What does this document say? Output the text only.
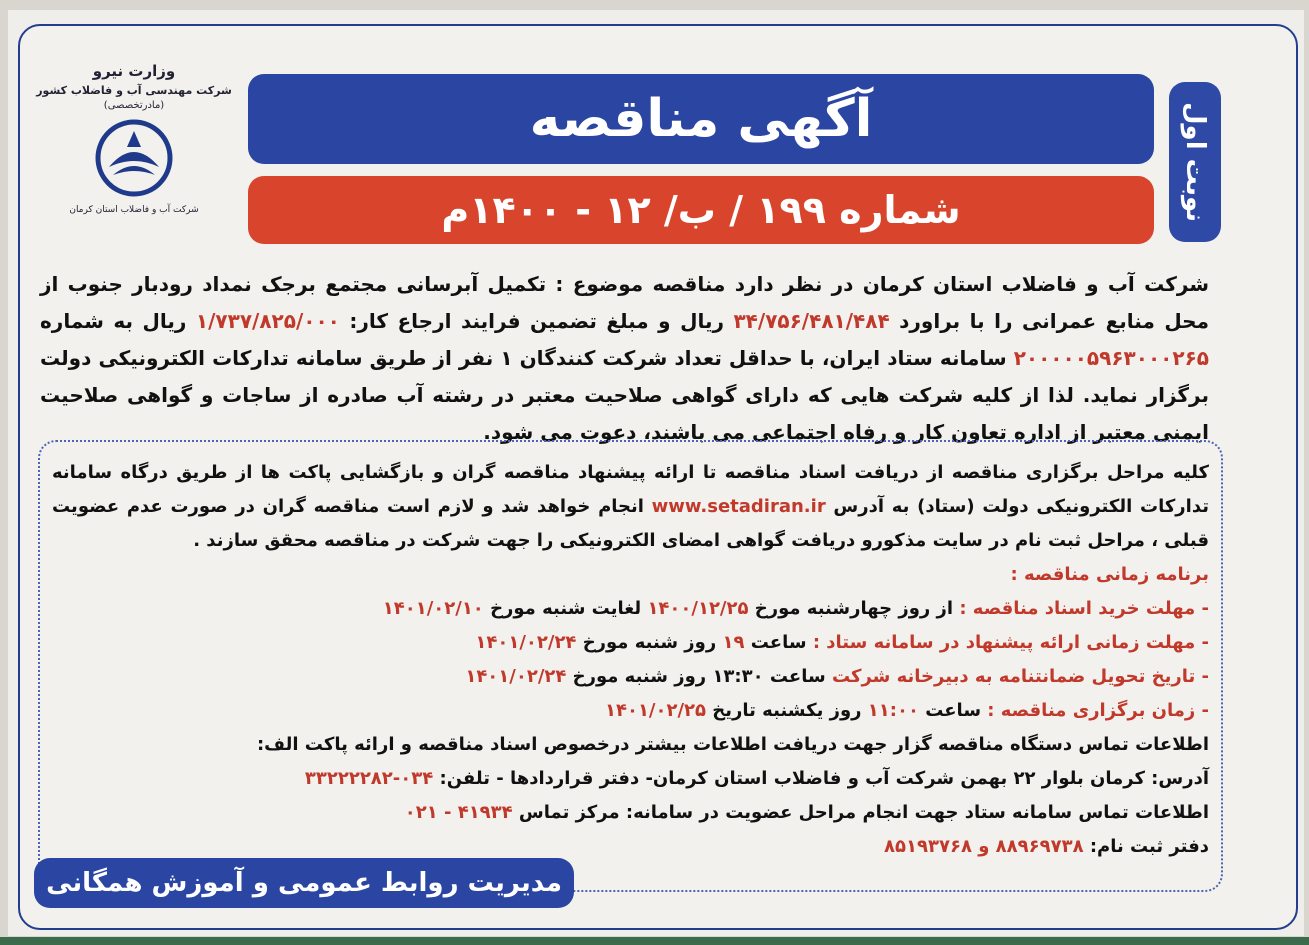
نوبت اول
آگهی مناقصه
شماره ۱۹۹ / ب/ ۱۲ - ۱۴۰۰م
وزارت نیرو
شرکت مهندسی آب و فاضلاب کشور
(مادرتخصصی)
شرکت آب و فاضلاب استان کرمان
شرکت آب و فاضلاب استان کرمان در نظر دارد مناقصه موضوع : تکمیل آبرسانی مجتمع برجک نمداد رودبار جنوب از محل منابع عمرانی را با براورد ۳۴/۷۵۶/۴۸۱/۴۸۴ ریال و مبلغ تضمین فرایند ارجاع کار: ۱/۷۳۷/۸۲۵/۰۰۰ ریال به شماره ۲۰۰۰۰۰۵۹۶۳۰۰۰۲۶۵ سامانه ستاد ایران، با حداقل تعداد شرکت کنندگان ۱ نفر از طریق سامانه تدارکات الکترونیکی دولت برگزار نماید. لذا از کلیه شرکت هایی که دارای گواهی صلاحیت معتبر در رشته آب صادره از ساجات و گواهی صلاحیت ایمنی معتبر از اداره تعاون کار و رفاه اجتماعی می باشند، دعوت می شود.
کلیه مراحل برگزاری مناقصه از دریافت اسناد مناقصه تا ارائه پیشنهاد مناقصه گران و بازگشایی پاکت ها از طریق درگاه سامانه تدارکات الکترونیکی دولت (ستاد) به آدرس www.setadiran.ir انجام خواهد شد و لازم است مناقصه گران در صورت عدم عضویت قبلی ، مراحل ثبت نام در سایت مذکورو دریافت گواهی امضای الکترونیکی را جهت شرکت در مناقصه محقق سازند .
برنامه زمانی مناقصه :
- مهلت خرید اسناد مناقصه : از روز چهارشنبه مورخ ۱۴۰۰/۱۲/۲۵ لغایت شنبه مورخ ۱۴۰۱/۰۲/۱۰
- مهلت زمانی ارائه پیشنهاد در سامانه ستاد : ساعت ۱۹ روز شنبه مورخ ۱۴۰۱/۰۲/۲۴
- تاریخ تحویل ضمانتنامه به دبیرخانه شرکت ساعت ۱۳:۳۰ روز شنبه مورخ ۱۴۰۱/۰۲/۲۴
- زمان برگزاری مناقصه : ساعت ۱۱:۰۰ روز یکشنبه تاریخ ۱۴۰۱/۰۲/۲۵
اطلاعات تماس دستگاه مناقصه گزار جهت دریافت اطلاعات بیشتر درخصوص اسناد مناقصه و ارائه پاکت الف:
آدرس: کرمان بلوار ۲۲ بهمن شرکت آب و فاضلاب استان کرمان- دفتر قراردادها - تلفن: ۰۳۴-۳۳۲۲۲۲۸۲
اطلاعات تماس سامانه ستاد جهت انجام مراحل عضویت در سامانه: مرکز تماس ۴۱۹۳۴ - ۰۲۱
دفتر ثبت نام: ۸۸۹۶۹۷۳۸ و ۸۵۱۹۳۷۶۸
مدیریت روابط عمومی و آموزش همگانی
